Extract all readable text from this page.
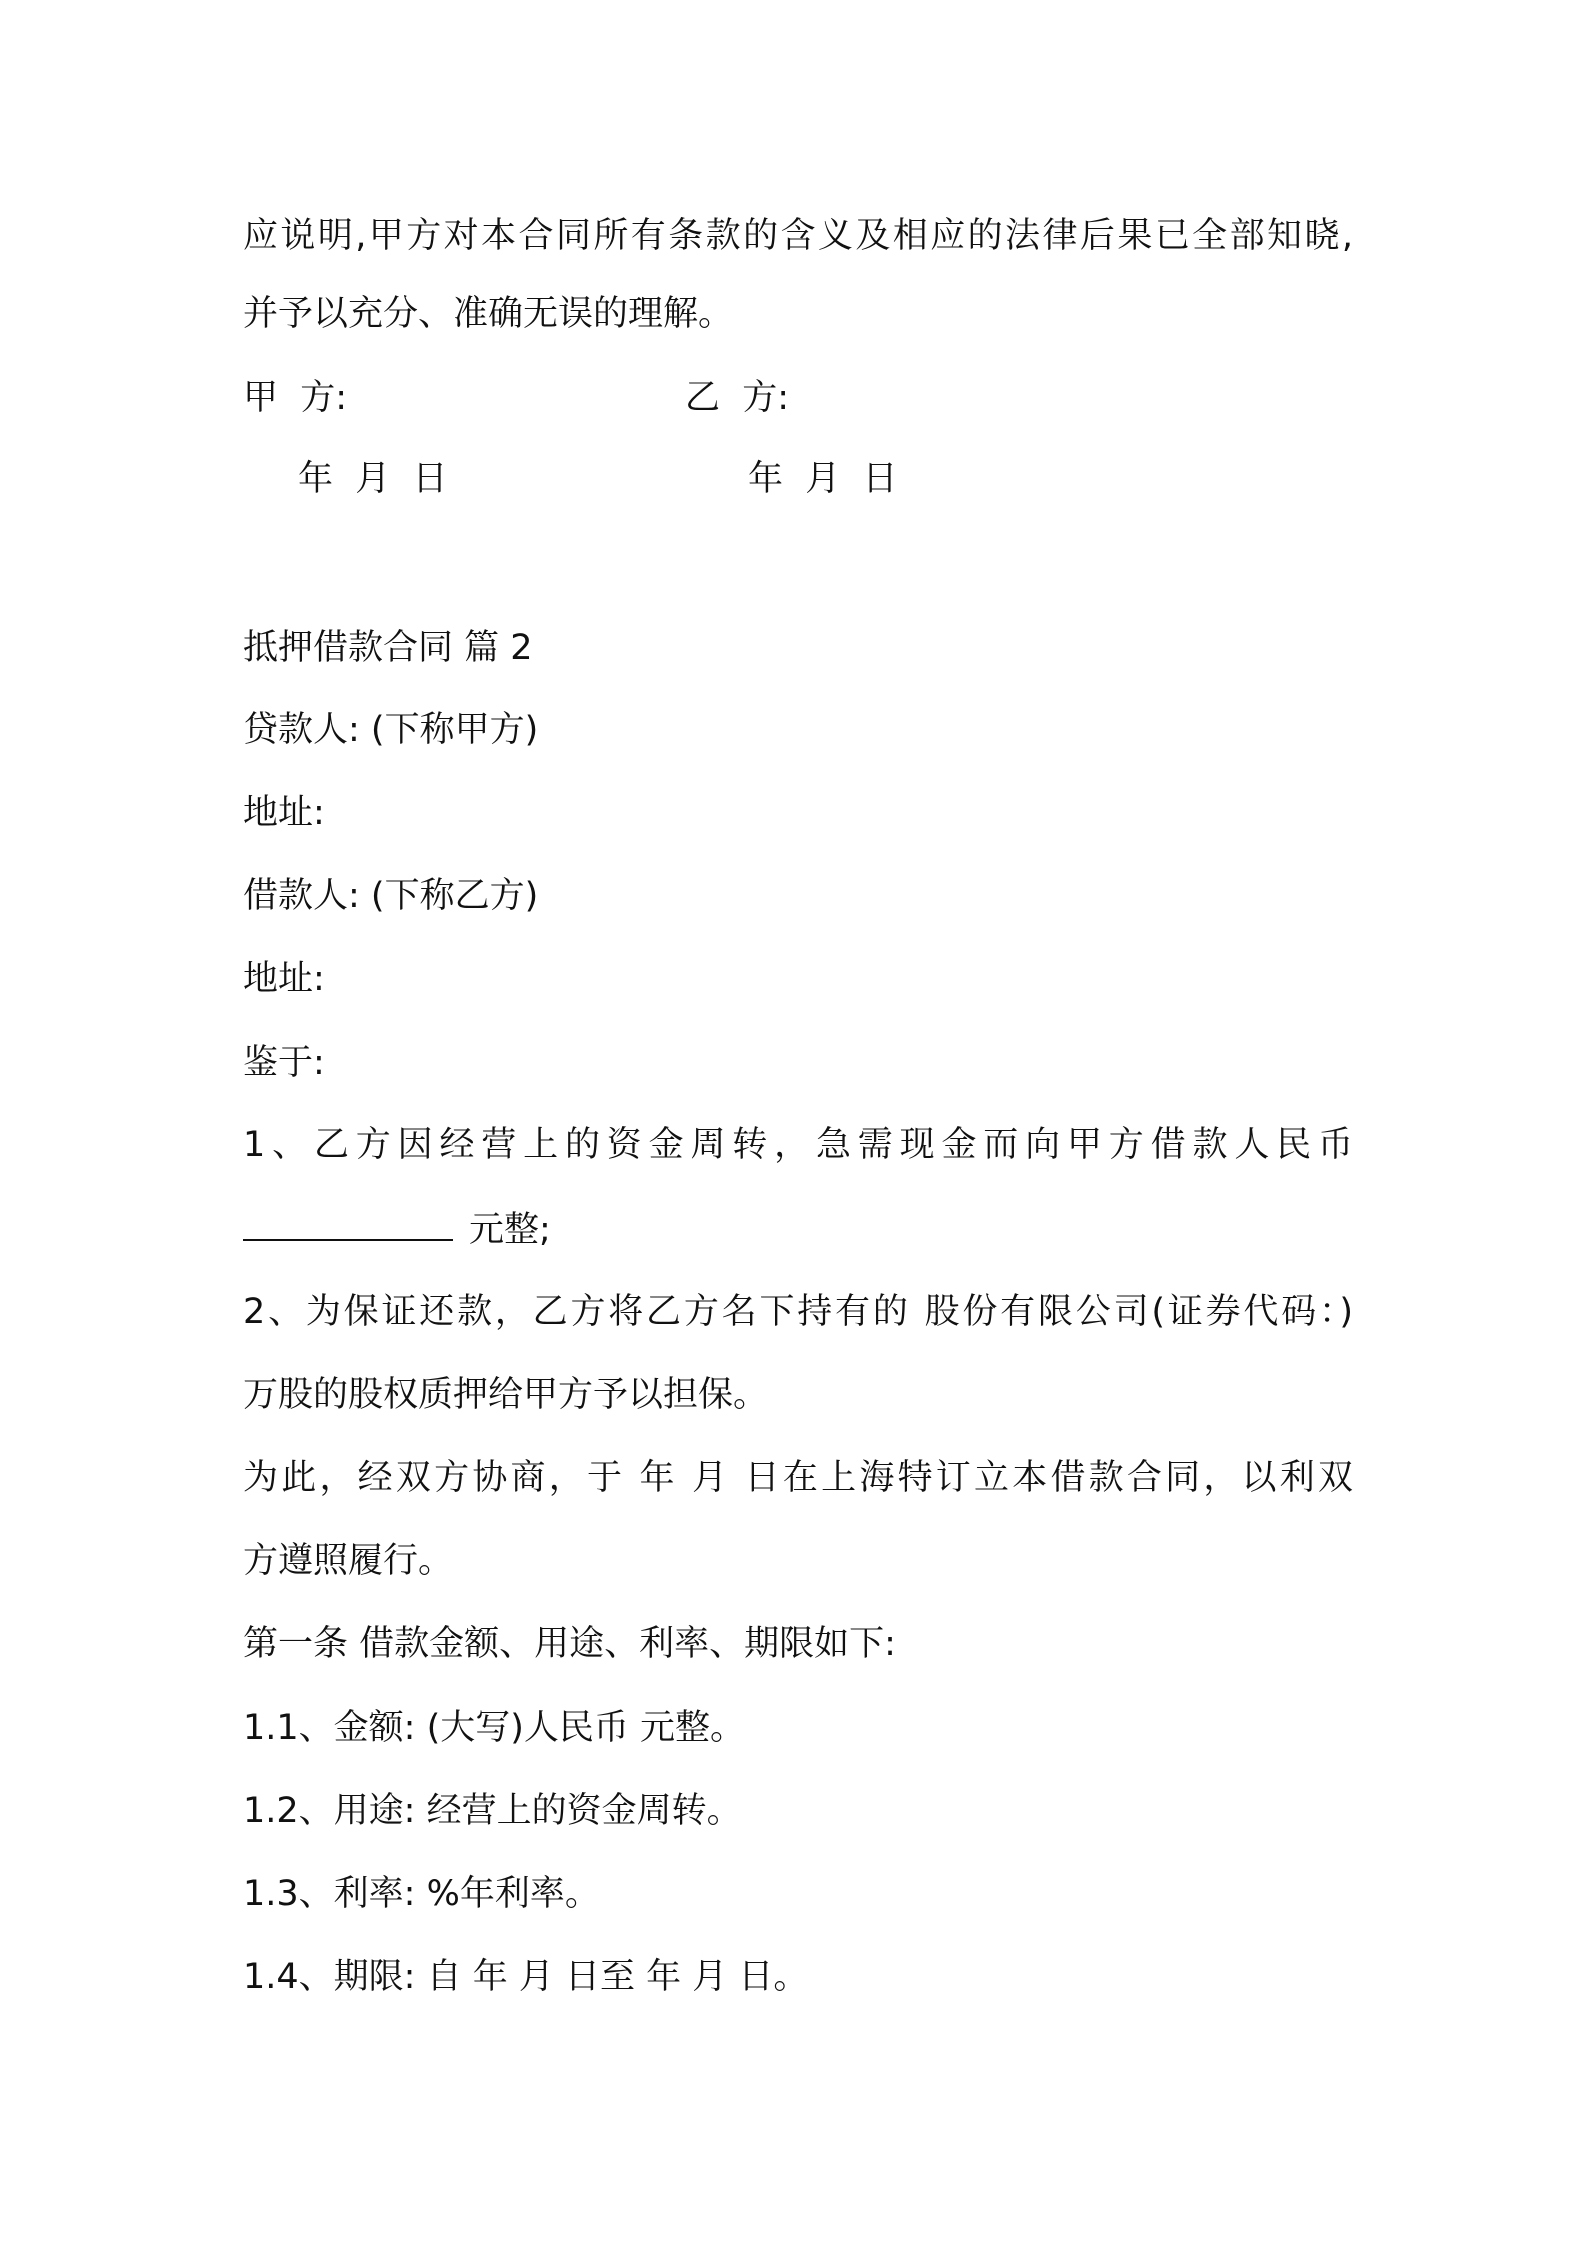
应说明,甲方对本合同所有条款的含义及相应的法律后果已全部知晓,

并予以充分、准确无误的理解。

甲  方:	乙  方:

年  月  日	年  月  日

抵押借款合同 篇 2

贷款人: (下称甲方)

地址:

借款人: (下称乙方)

地址:

鉴于:

1、乙方因经营上的资金周转，急需现金而向甲方借款人民币

元整;

2、为保证还款，乙方将乙方名下持有的 股份有限公司(证券代码：)

万股的股权质押给甲方予以担保。

为此，经双方协商，于 年 月 日在上海特订立本借款合同，以利双

方遵照履行。

第一条 借款金额、用途、利率、期限如下:

1.1、金额: (大写)人民币 元整。

1.2、用途: 经营上的资金周转。

1.3、利率: %年利率。

1.4、期限: 自 年 月 日至 年 月 日。
